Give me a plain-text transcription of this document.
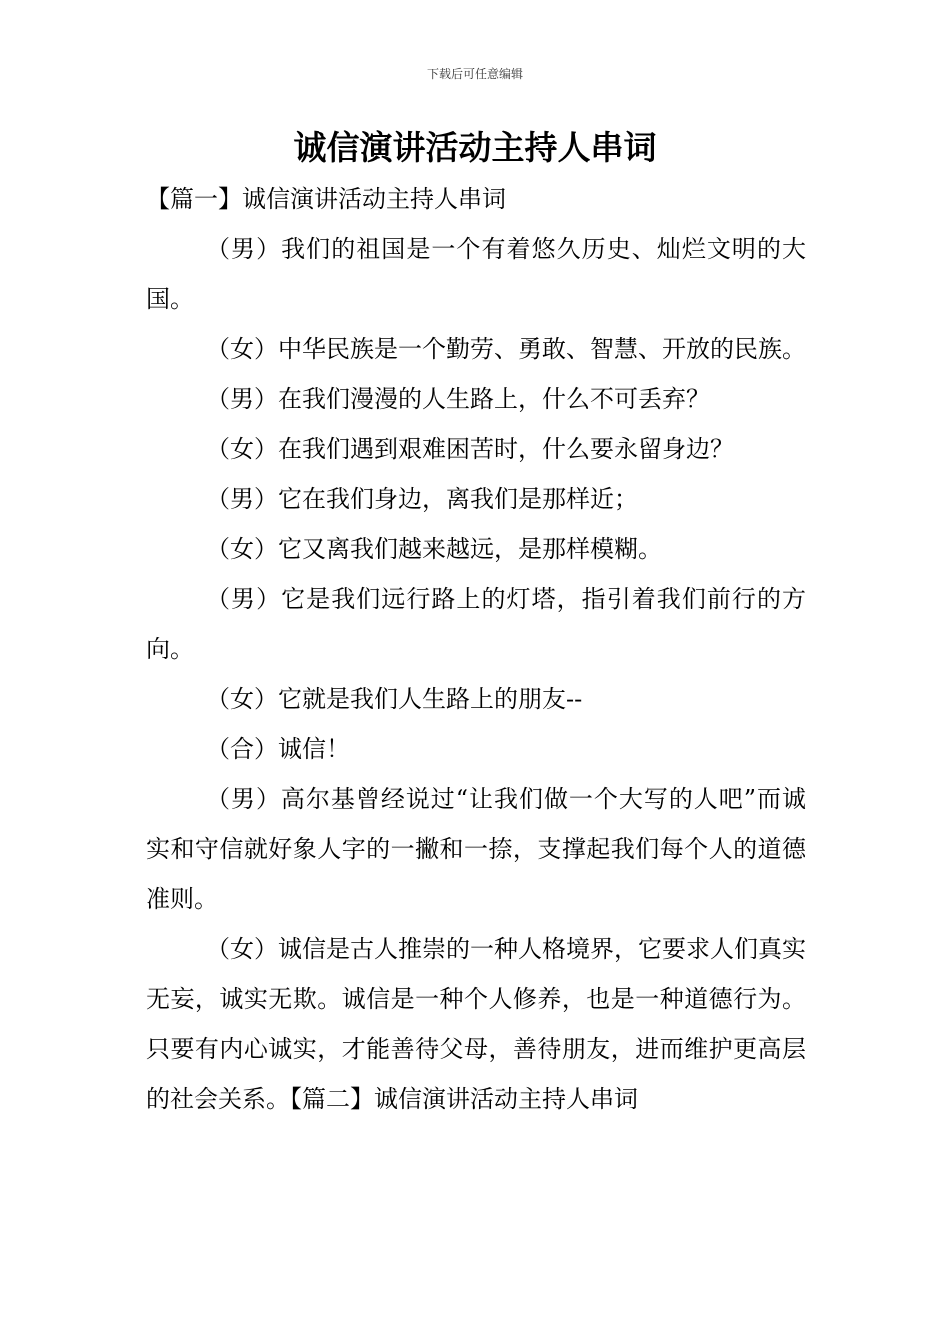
下载后可任意编辑
诚信演讲活动主持人串词

【篇一】诚信演讲活动主持人串词

（男）我们的祖国是一个有着悠久历史、灿烂文明的大国。

（女）中华民族是一个勤劳、勇敢、智慧、开放的民族。

（男）在我们漫漫的人生路上，什么不可丢弃？

（女）在我们遇到艰难困苦时，什么要永留身边？

（男）它在我们身边，离我们是那样近；

（女）它又离我们越来越远，是那样模糊。

（男）它是我们远行路上的灯塔，指引着我们前行的方向。

（女）它就是我们人生路上的朋友--

（合）诚信！

（男）高尔基曾经说过“让我们做一个大写的人吧”而诚实和守信就好象人字的一撇和一捺，支撑起我们每个人的道德准则。

（女）诚信是古人推崇的一种人格境界，它要求人们真实无妄，诚实无欺。诚信是一种个人修养，也是一种道德行为。只要有内心诚实，才能善待父母，善待朋友，进而维护更高层的社会关系。【篇二】诚信演讲活动主持人串词
